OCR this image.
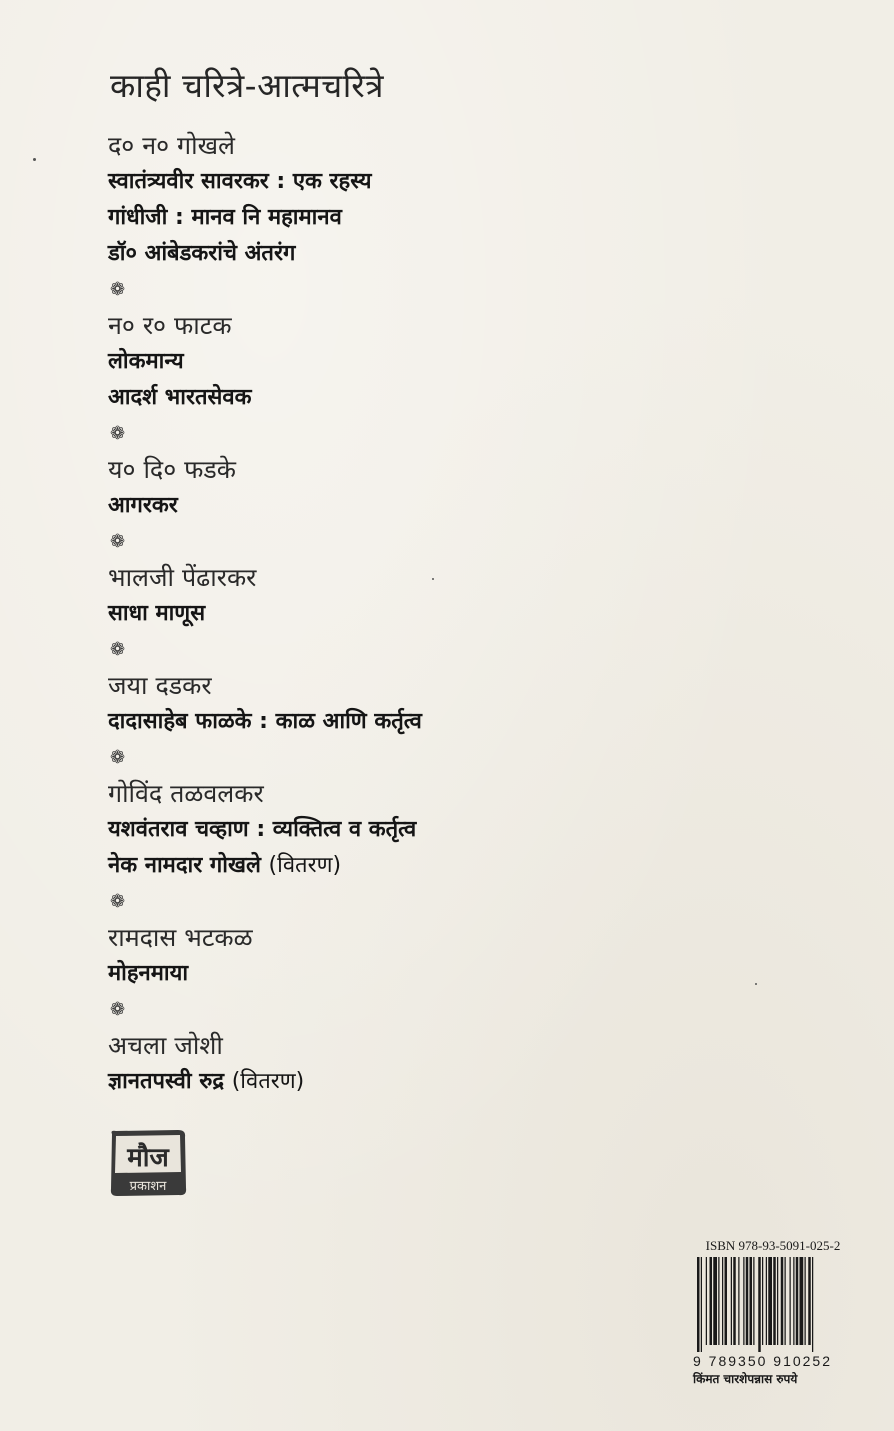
काही चरित्रे-आत्मचरित्रे
द० न० गोखले
स्वातंत्र्यवीर सावरकर : एक रहस्य
गांधीजी : मानव नि महामानव
डॉ० आंबेडकरांचे अंतरंग
❁
न० र० फाटक
लोकमान्य
आदर्श भारतसेवक
❁
य० दि० फडके
आगरकर
❁
भालजी पेंढारकर
साधा माणूस
❁
जया दडकर
दादासाहेब फाळके : काळ आणि कर्तृत्व
❁
गोविंद तळवलकर
यशवंतराव चव्हाण : व्यक्तित्व व कर्तृत्व
नेक नामदार गोखले (वितरण)
❁
रामदास भटकळ
मोहनमाया
❁
अचला जोशी
ज्ञानतपस्वी रुद्र (वितरण)
मौज
प्रकाशन
ISBN 978-93-5091-025-2
9 789350 910252
किंमत चारशेपन्नास रुपये
